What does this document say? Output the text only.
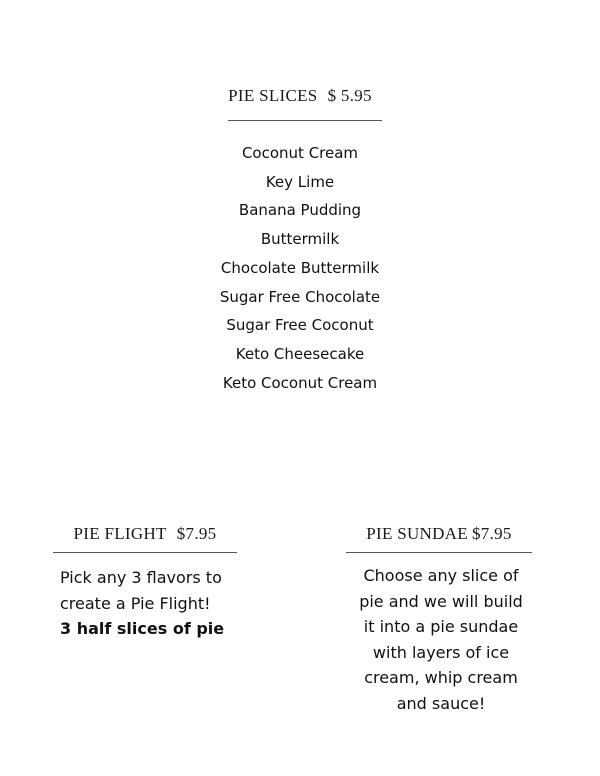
PIE SLICES $ 5.95
Coconut Cream
Key Lime
Banana Pudding
Buttermilk
Chocolate Buttermilk
Sugar Free Chocolate
Sugar Free Coconut
Keto Cheesecake
Keto Coconut Cream
PIE FLIGHT $7.95
Pick any 3 flavors to
create a Pie Flight!
3 half slices of pie
PIE SUNDAE $7.95
Choose any slice of
pie and we will build
it into a pie sundae
with layers of ice
cream, whip cream
and sauce!
